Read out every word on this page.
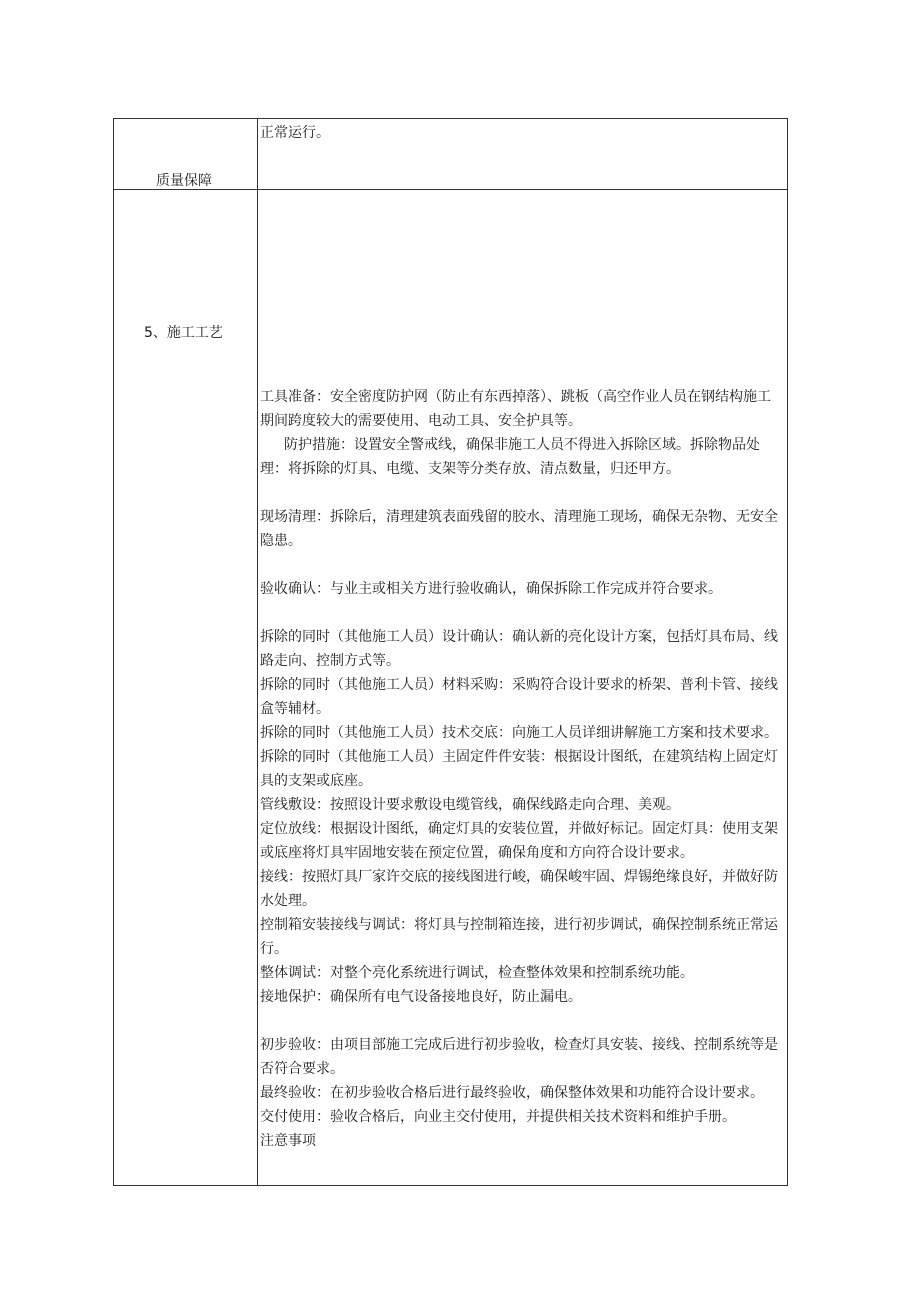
质量保障

正常运行。

5、施工工艺

工具准备：安全密度防护网（防止有东西掉落）、跳板（高空作业人员在钢结构施工期间跨度较大的需要使用、电动工具、安全护具等。

防护措施：设置安全警戒线，确保非施工人员不得进入拆除区域。拆除物品处理：将拆除的灯具、电缆、支架等分类存放、清点数量，归还甲方。

现场清理：拆除后，清理建筑表面残留的胶水、清理施工现场，确保无杂物、无安全隐患。

验收确认：与业主或相关方进行验收确认，确保拆除工作完成并符合要求。

拆除的同时（其他施工人员）设计确认：确认新的亮化设计方案，包括灯具布局、线路走向、控制方式等。

拆除的同时（其他施工人员）材料采购：采购符合设计要求的桥架、普利卡管、接线盒等辅材。

拆除的同时（其他施工人员）技术交底：向施工人员详细讲解施工方案和技术要求。

拆除的同时（其他施工人员）主固定件件安装：根据设计图纸，在建筑结构上固定灯具的支架或底座。

管线敷设：按照设计要求敷设电缆管线，确保线路走向合理、美观。

定位放线：根据设计图纸，确定灯具的安装位置，并做好标记。固定灯具：使用支架或底座将灯具牢固地安装在预定位置，确保角度和方向符合设计要求。

接线：按照灯具厂家许交底的接线图进行峻，确保峻牢固、焊锡绝缘良好，并做好防水处理。

控制箱安装接线与调试：将灯具与控制箱连接，进行初步调试，确保控制系统正常运行。

整体调试：对整个亮化系统进行调试，检查整体效果和控制系统功能。

接地保护：确保所有电气设备接地良好，防止漏电。

初步验收：由项目部施工完成后进行初步验收，检查灯具安装、接线、控制系统等是否符合要求。

最终验收：在初步验收合格后进行最终验收，确保整体效果和功能符合设计要求。

交付使用：验收合格后，向业主交付使用，并提供相关技术资料和维护手册。

注意事项
